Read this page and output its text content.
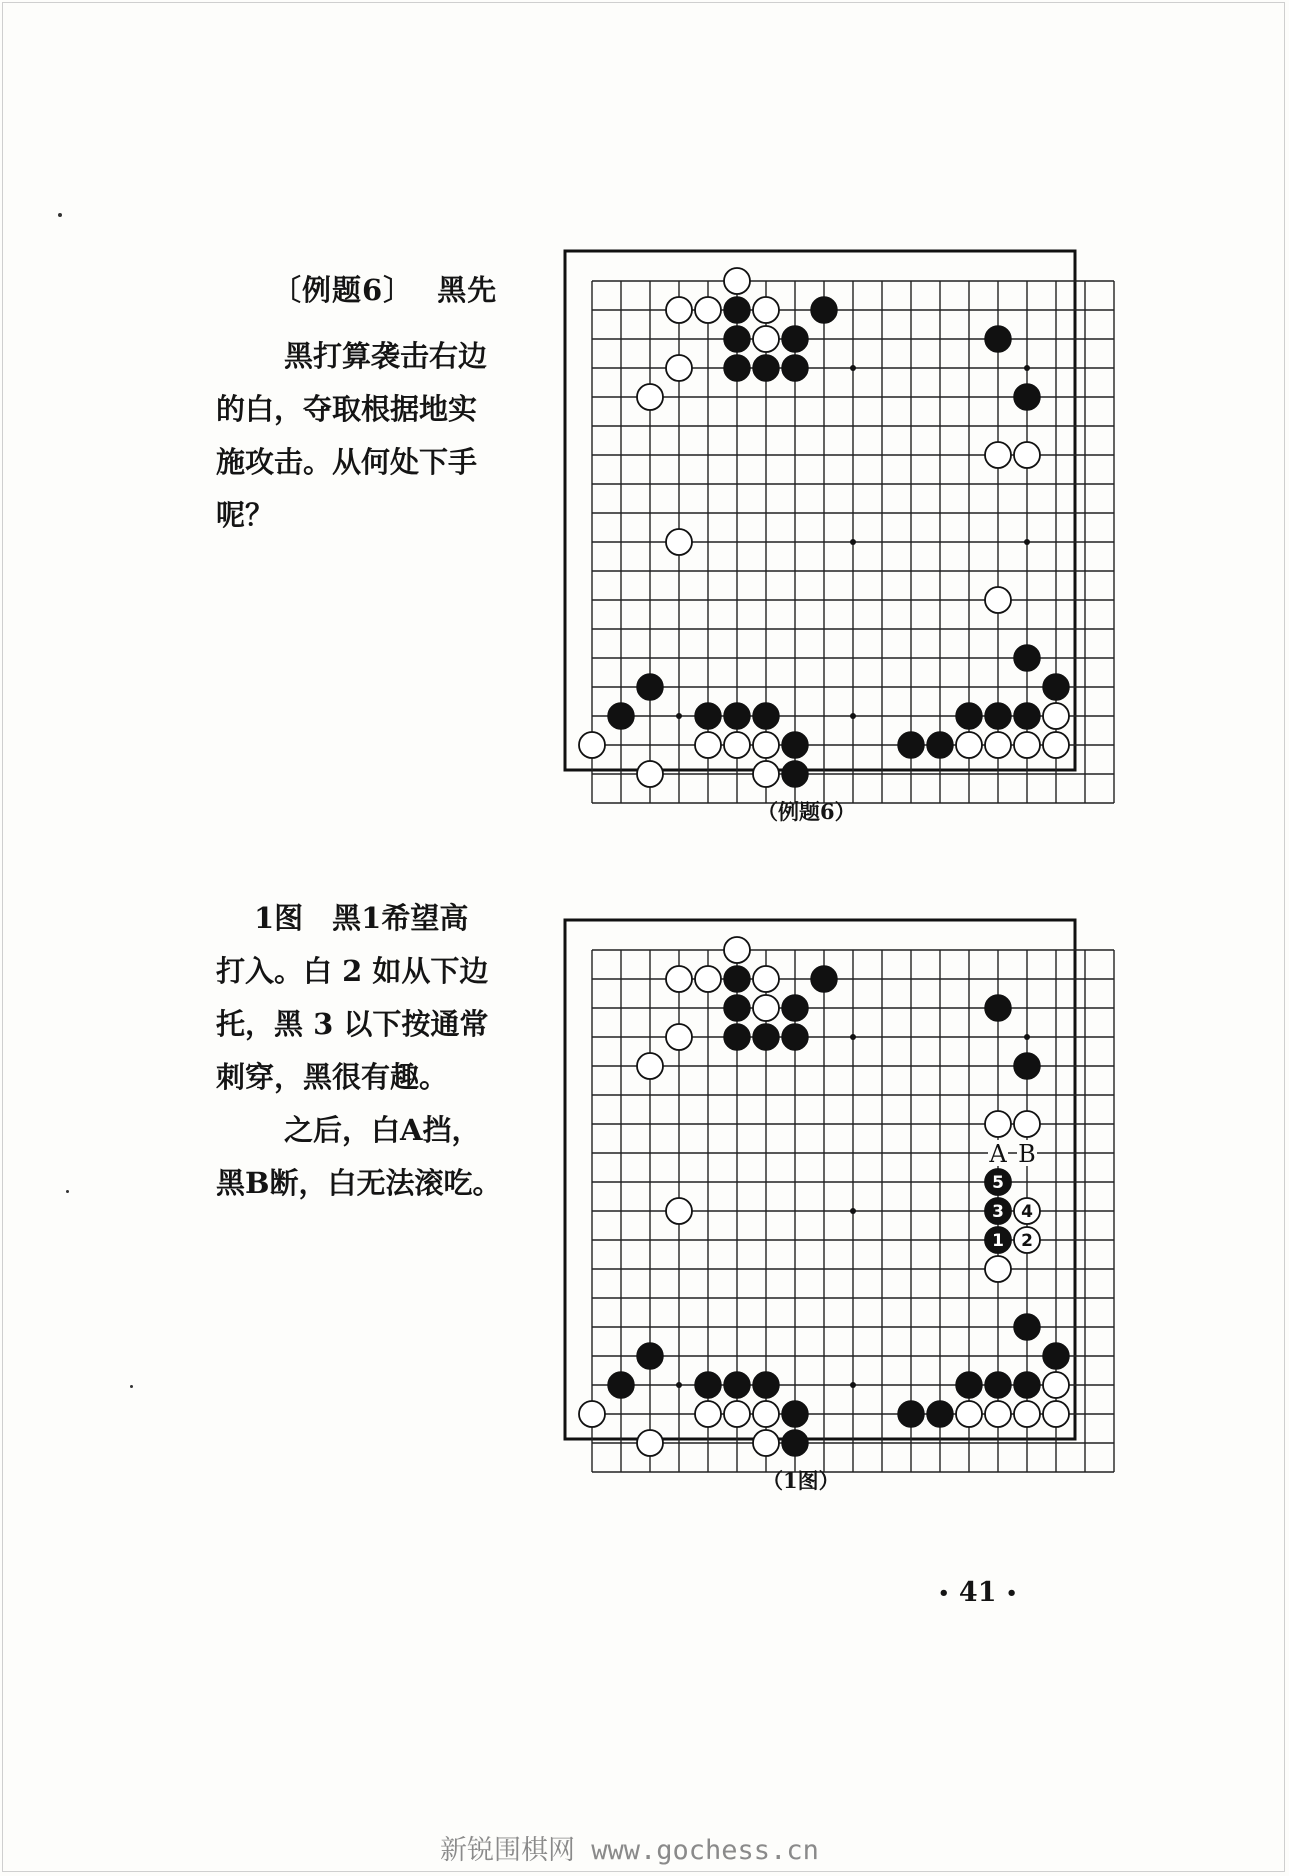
〔例题6〕 黑先
黑打算袭击右边
的白，夺取根据地实
施攻击。从何处下手
呢？
（例题6）
1图　黑1希望高
打入。白 2 如从下边
托，黑 3 以下按通常
刺穿，黑很有趣。
之后，白A挡，
黑B断，白无法滚吃。
1 2
3 4
5
A B
（1图）
• 41 •
新锐围棋网 www.gochess.cn
